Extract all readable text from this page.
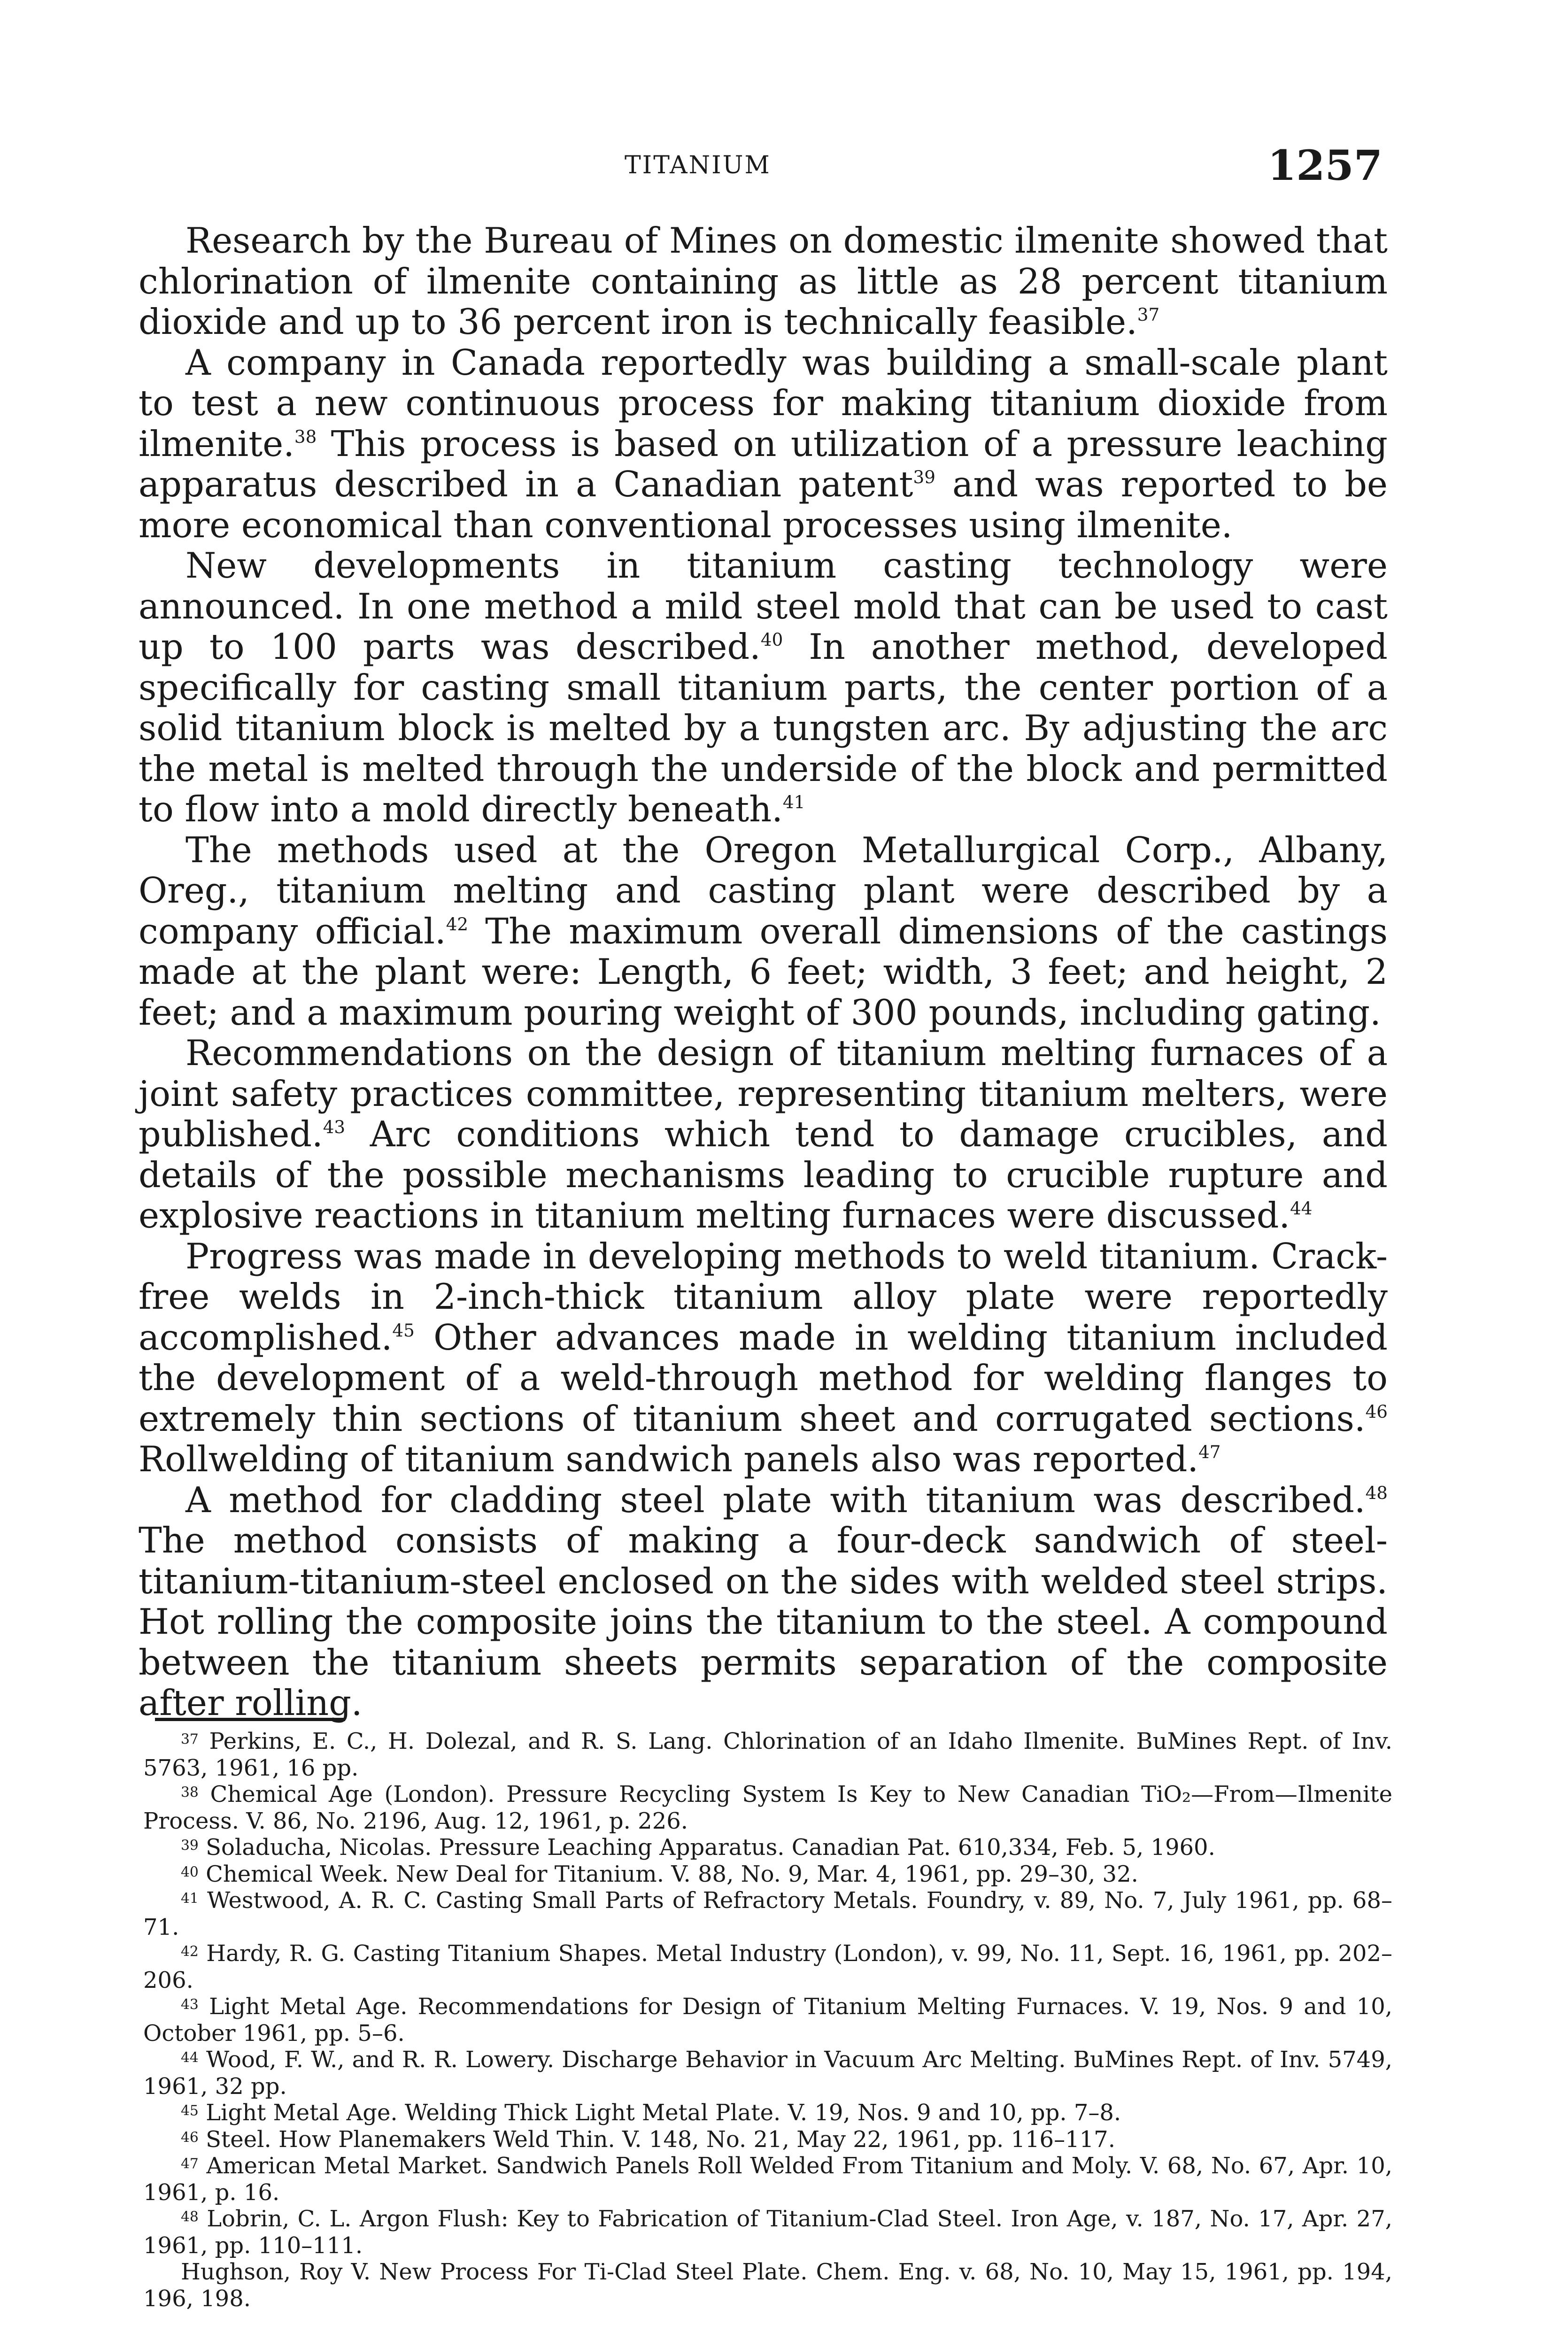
TITANIUM	1257

Research by the Bureau of Mines on domestic ilmenite showed that chlorination of ilmenite containing as little as 28 percent titanium dioxide and up to 36 percent iron is technically feasible.$^{37}$

A company in Canada reportedly was building a small-scale plant to test a new continuous process for making titanium dioxide from ilmenite.$^{38}$ This process is based on utilization of a pressure leaching apparatus described in a Canadian patent$^{39}$ and was reported to be more economical than conventional processes using ilmenite.

New developments in titanium casting technology were announced. In one method a mild steel mold that can be used to cast up to 100 parts was described.$^{40}$ In another method, developed specifically for casting small titanium parts, the center portion of a solid titanium block is melted by a tungsten arc. By adjusting the arc the metal is melted through the underside of the block and permitted to flow into a mold directly beneath.$^{41}$

The methods used at the Oregon Metallurgical Corp., Albany, Oreg., titanium melting and casting plant were described by a company official.$^{42}$ The maximum overall dimensions of the castings made at the plant were: Length, 6 feet; width, 3 feet; and height, 2 feet; and a maximum pouring weight of 300 pounds, including gating.

Recommendations on the design of titanium melting furnaces of a joint safety practices committee, representing titanium melters, were published.$^{43}$ Arc conditions which tend to damage crucibles, and details of the possible mechanisms leading to crucible rupture and explosive reactions in titanium melting furnaces were discussed.$^{44}$

Progress was made in developing methods to weld titanium. Crack-free welds in 2-inch-thick titanium alloy plate were reportedly accomplished.$^{45}$ Other advances made in welding titanium included the development of a weld-through method for welding flanges to extremely thin sections of titanium sheet and corrugated sections.$^{46}$ Rollwelding of titanium sandwich panels also was reported.$^{47}$

A method for cladding steel plate with titanium was described.$^{48}$ The method consists of making a four-deck sandwich of steel-titanium-titanium-steel enclosed on the sides with welded steel strips. Hot rolling the composite joins the titanium to the steel. A compound between the titanium sheets permits separation of the composite after rolling.

$^{37}$ Perkins, E. C., H. Dolezal, and R. S. Lang. Chlorination of an Idaho Ilmenite. BuMines Rept. of Inv. 5763, 1961, 16 pp.

$^{38}$ Chemical Age (London). Pressure Recycling System Is Key to New Canadian TiO₂—From—Ilmenite Process. V. 86, No. 2196, Aug. 12, 1961, p. 226.

$^{39}$ Soladucha, Nicolas. Pressure Leaching Apparatus. Canadian Pat. 610,334, Feb. 5, 1960.

$^{40}$ Chemical Week. New Deal for Titanium. V. 88, No. 9, Mar. 4, 1961, pp. 29–30, 32.

$^{41}$ Westwood, A. R. C. Casting Small Parts of Refractory Metals. Foundry, v. 89, No. 7, July 1961, pp. 68–71.

$^{42}$ Hardy, R. G. Casting Titanium Shapes. Metal Industry (London), v. 99, No. 11, Sept. 16, 1961, pp. 202–206.

$^{43}$ Light Metal Age. Recommendations for Design of Titanium Melting Furnaces. V. 19, Nos. 9 and 10, October 1961, pp. 5–6.

$^{44}$ Wood, F. W., and R. R. Lowery. Discharge Behavior in Vacuum Arc Melting. BuMines Rept. of Inv. 5749, 1961, 32 pp.

$^{45}$ Light Metal Age. Welding Thick Light Metal Plate. V. 19, Nos. 9 and 10, pp. 7–8.

$^{46}$ Steel. How Planemakers Weld Thin. V. 148, No. 21, May 22, 1961, pp. 116–117.

$^{47}$ American Metal Market. Sandwich Panels Roll Welded From Titanium and Moly. V. 68, No. 67, Apr. 10, 1961, p. 16.

$^{48}$ Lobrin, C. L. Argon Flush: Key to Fabrication of Titanium-Clad Steel. Iron Age, v. 187, No. 17, Apr. 27, 1961, pp. 110–111.

Hughson, Roy V. New Process For Ti-Clad Steel Plate. Chem. Eng. v. 68, No. 10, May 15, 1961, pp. 194, 196, 198.
